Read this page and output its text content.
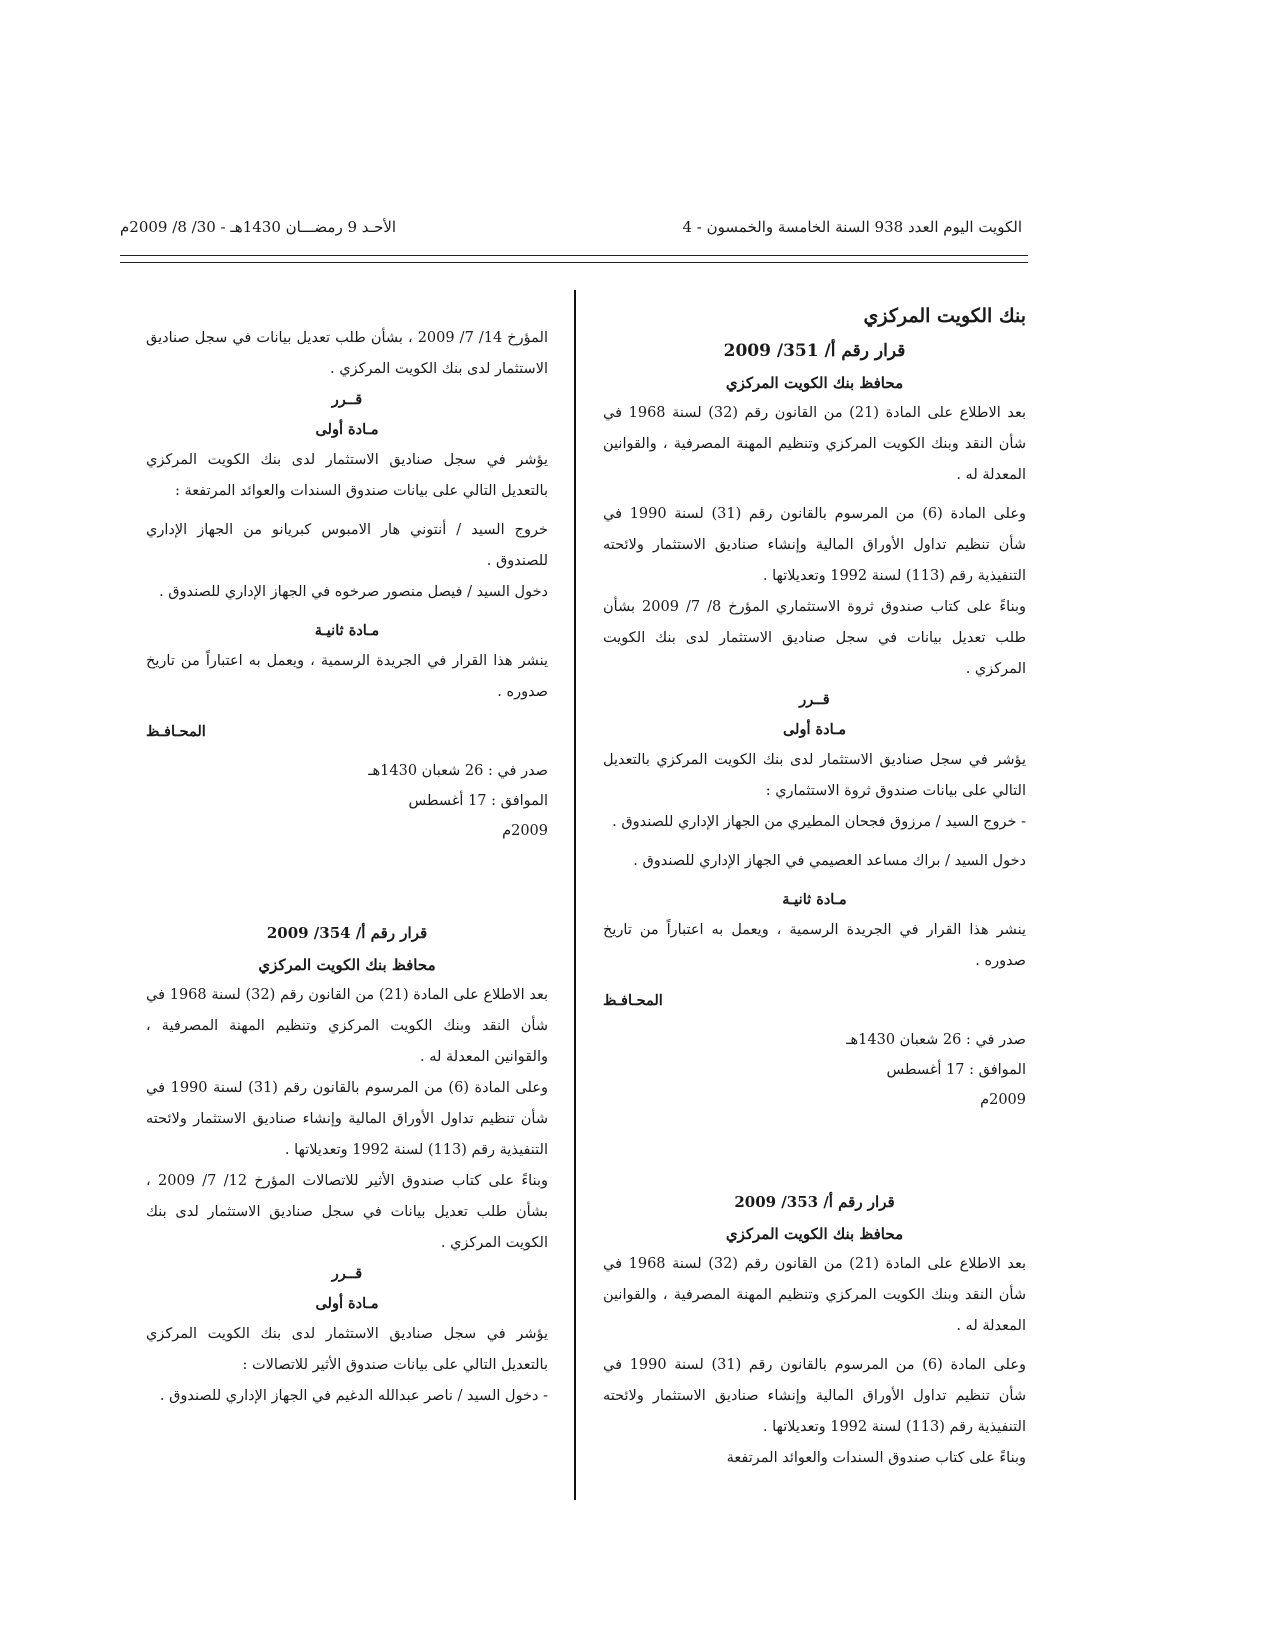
الكويت اليوم العدد 938 السنة الخامسة والخمسون - 4
الأحـد 9 رمضـــان 1430هـ - 30/ 8/ 2009م
بنك الكويت المركزي
قرار رقم أ/ 351/ 2009
محافظ بنك الكويت المركزي

بعد الاطلاع على المادة (21) من القانون رقم (32) لسنة 1968 في شأن النقد وبنك الكويت المركزي وتنظيم المهنة المصرفية ، والقوانين المعدلة له .

وعلى المادة (6) من المرسوم بالقانون رقم (31) لسنة 1990 في شأن تنظيم تداول الأوراق المالية وإنشاء صناديق الاستثمار ولائحته التنفيذية رقم (113) لسنة 1992 وتعديلاتها .

وبناءً على كتاب صندوق ثروة الاستثماري المؤرخ 8/ 7/ 2009 بشأن طلب تعديل بيانات في سجل صناديق الاستثمار لدى بنك الكويت المركزي .

قــرر
مـادة أولى

يؤشر في سجل صناديق الاستثمار لدى بنك الكويت المركزي بالتعديل التالي على بيانات صندوق ثروة الاستثماري :

- خروج السيد / مرزوق فجحان المطيري من الجهاز الإداري للصندوق .

دخول السيد / براك مساعد العصيمي في الجهاز الإداري للصندوق .

مـادة ثانيـة

ينشر هذا القرار في الجريدة الرسمية ، ويعمل به اعتباراً من تاريخ صدوره .

المحـافـظ
صدر في : 26 شعبان 1430هـ
الموافق : 17 أغسطس 2009م
قرار رقم أ/ 353/ 2009
محافظ بنك الكويت المركزي

بعد الاطلاع على المادة (21) من القانون رقم (32) لسنة 1968 في شأن النقد وبنك الكويت المركزي وتنظيم المهنة المصرفية ، والقوانين المعدلة له .

وعلى المادة (6) من المرسوم بالقانون رقم (31) لسنة 1990 في شأن تنظيم تداول الأوراق المالية وإنشاء صناديق الاستثمار ولائحته التنفيذية رقم (113) لسنة 1992 وتعديلاتها .

وبناءً على كتاب صندوق السندات والعوائد المرتفعة

المؤرخ 14/ 7/ 2009 ، بشأن طلب تعديل بيانات في سجل صناديق الاستثمار لدى بنك الكويت المركزي .

قــرر
مـادة أولى

يؤشر في سجل صناديق الاستثمار لدى بنك الكويت المركزي بالتعديل التالي على بيانات صندوق السندات والعوائد المرتفعة :

خروج السيد / أنتوني هار الامبوس كبريانو من الجهاز الإداري للصندوق .

دخول السيد / فيصل منصور صرخوه في الجهاز الإداري للصندوق .

مـادة ثانيـة

ينشر هذا القرار في الجريدة الرسمية ، ويعمل به اعتباراً من تاريخ صدوره .

المحـافـظ
صدر في : 26 شعبان 1430هـ
الموافق : 17 أغسطس 2009م
قرار رقم أ/ 354/ 2009
محافظ بنك الكويت المركزي

بعد الاطلاع على المادة (21) من القانون رقم (32) لسنة 1968 في شأن النقد وبنك الكويت المركزي وتنظيم المهنة المصرفية ، والقوانين المعدلة له .

وعلى المادة (6) من المرسوم بالقانون رقم (31) لسنة 1990 في شأن تنظيم تداول الأوراق المالية وإنشاء صناديق الاستثمار ولائحته التنفيذية رقم (113) لسنة 1992 وتعديلاتها .

وبناءً على كتاب صندوق الأثير للاتصالات المؤرخ 12/ 7/ 2009 ، بشأن طلب تعديل بيانات في سجل صناديق الاستثمار لدى بنك الكويت المركزي .

قــرر
مـادة أولى

يؤشر في سجل صناديق الاستثمار لدى بنك الكويت المركزي بالتعديل التالي على بيانات صندوق الأثير للاتصالات :

- دخول السيد / ناصر عبدالله الدغيم في الجهاز الإداري للصندوق .
